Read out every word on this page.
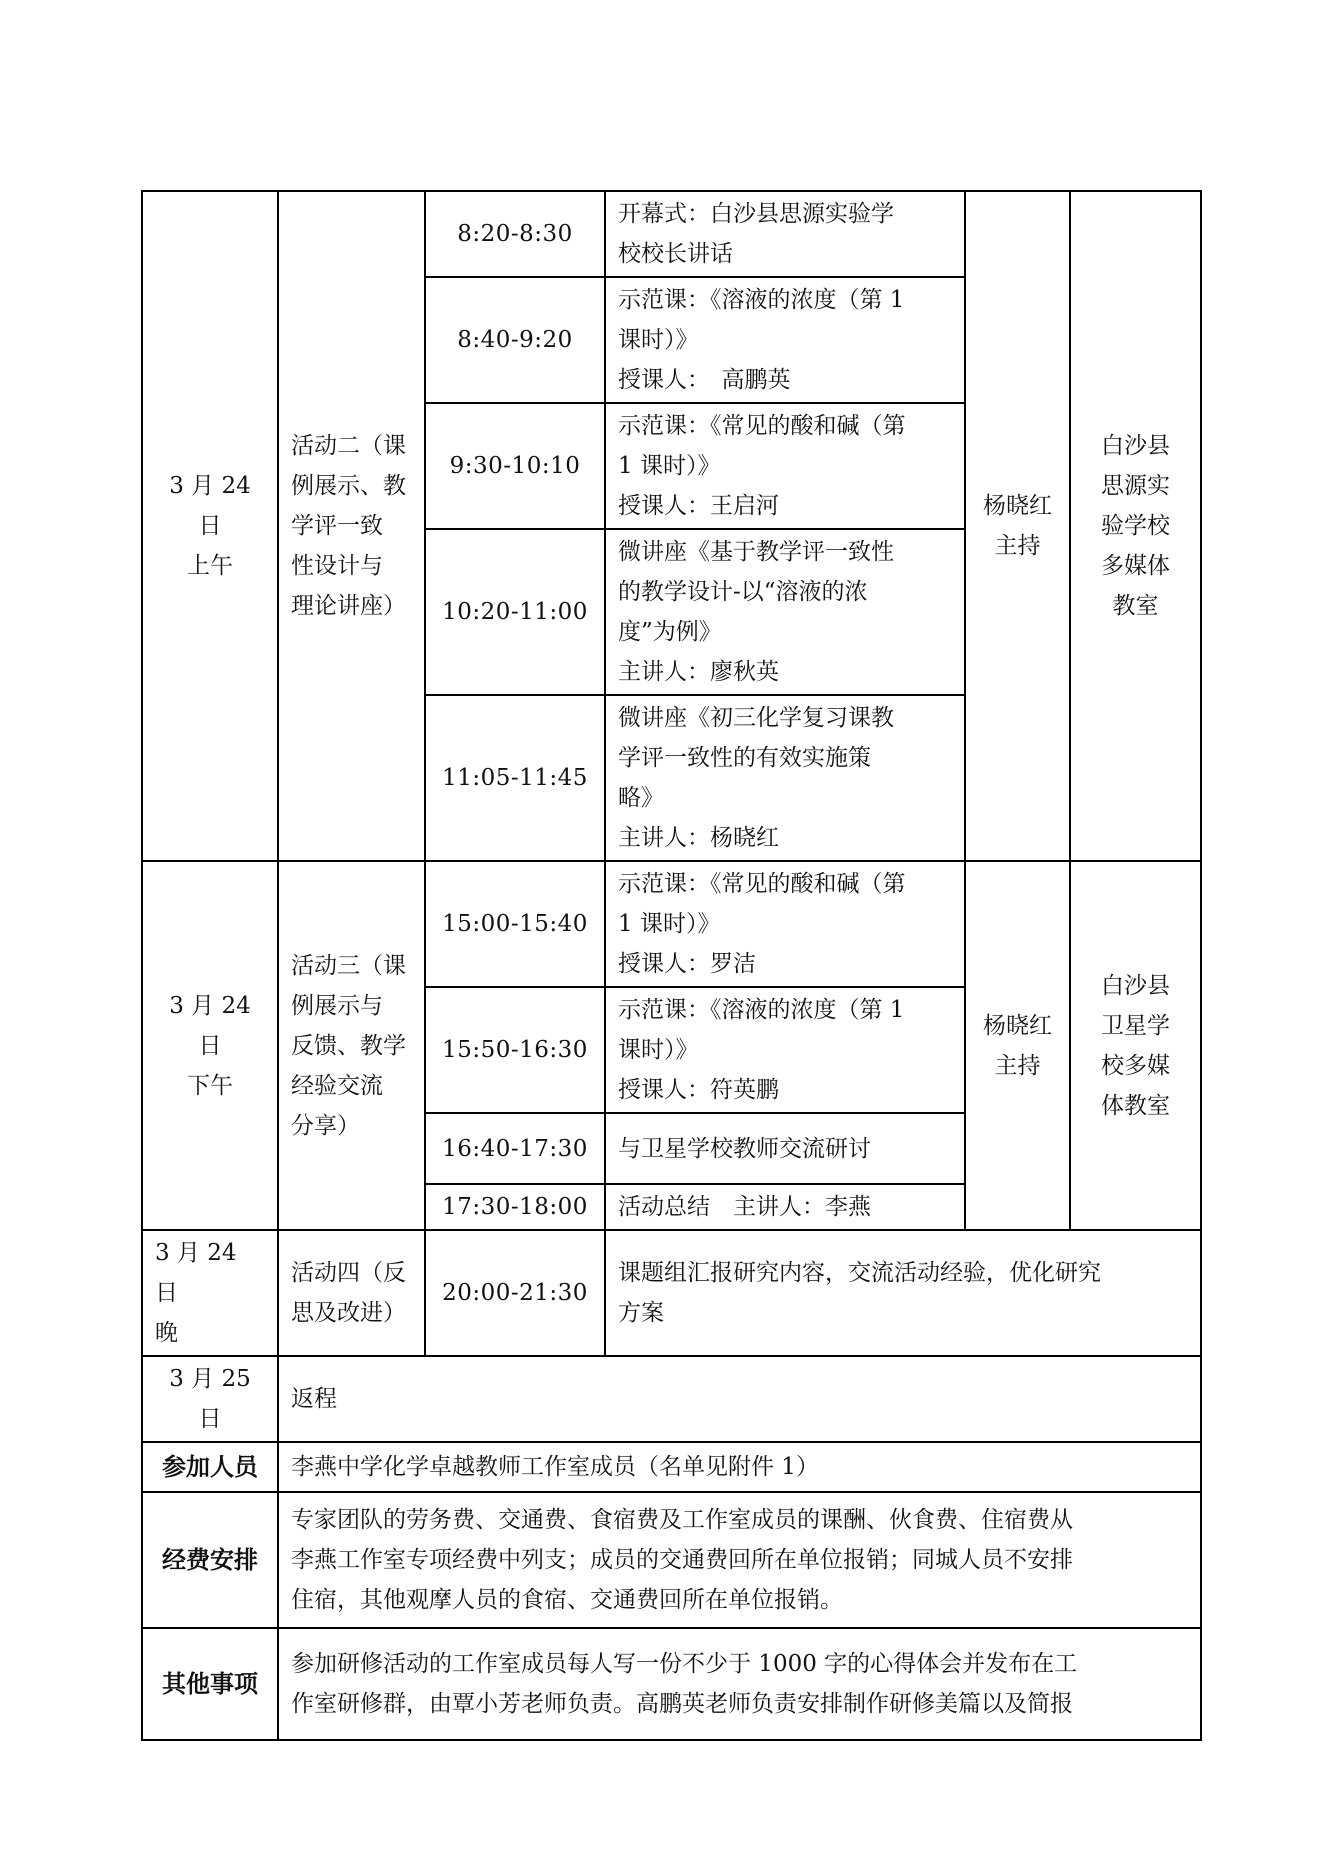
3 月 24 日
上午	活动二（课
例展示、教
学评一致
性设计与
理论讲座）	8:20-8:30	开幕式：白沙县思源实验学
校校长讲话	杨晓红
主持	白沙县
思源实
验学校
多媒体
教室

		8:40-9:20	示范课：《溶液的浓度（第 1
课时）》
授课人：　高鹏英		

		9:30-10:10	示范课：《常见的酸和碱（第
1 课时）》
授课人：王启河		

		10:20-11:00	微讲座《基于教学评一致性
的教学设计-以“溶液的浓
度”为例》
主讲人：廖秋英		

		11:05-11:45	微讲座《初三化学复习课教
学评一致性的有效实施策
略》
主讲人：杨晓红		

3 月 24 日
下午	活动三（课
例展示与
反馈、教学
经验交流
分享）	15:00-15:40	示范课：《常见的酸和碱（第
1 课时）》
授课人：罗洁	杨晓红
主持	白沙县
卫星学
校多媒
体教室

		15:50-16:30	示范课：《溶液的浓度（第 1
课时）》
授课人：符英鹏		

		16:40-17:30	与卫星学校教师交流研讨		

		17:30-18:00	活动总结　主讲人：李燕		

3 月 24 日
晚	活动四（反
思及改进）	20:00-21:30	课题组汇报研究内容，交流活动经验，优化研究
方案		

3 月 25 日	返程				
参加人员	李燕中学化学卓越教师工作室成员（名单见附件 1）				
经费安排	专家团队的劳务费、交通费、食宿费及工作室成员的课酬、伙食费、住宿费从
李燕工作室专项经费中列支；成员的交通费回所在单位报销；同城人员不安排
住宿，其他观摩人员的食宿、交通费回所在单位报销。				

其他事项	参加研修活动的工作室成员每人写一份不少于 1000 字的心得体会并发布在工
作室研修群，由覃小芳老师负责。高鹏英老师负责安排制作研修美篇以及简报				
